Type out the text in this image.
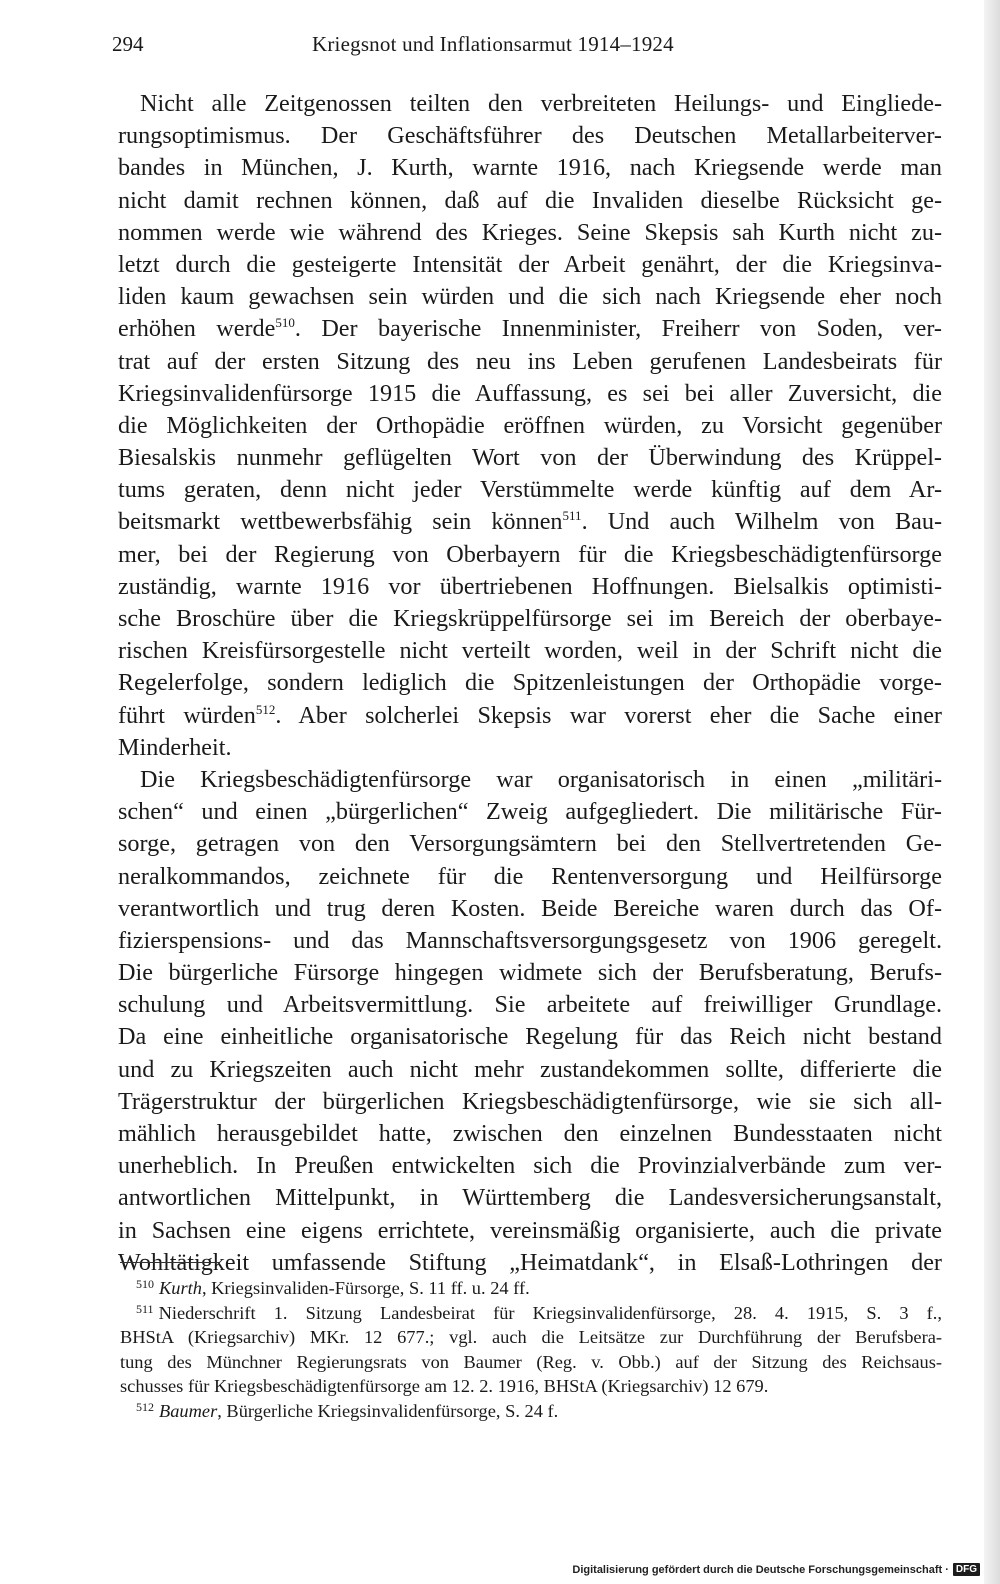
294	Kriegsnot und Inflationsarmut 1914–1924
Nicht alle Zeitgenossen teilten den verbreiteten Heilungs- und Eingliede-
rungsoptimismus. Der Geschäftsführer des Deutschen Metallarbeiterver-
bandes in München, J. Kurth, warnte 1916, nach Kriegsende werde man
nicht damit rechnen können, daß auf die Invaliden dieselbe Rücksicht ge-
nommen werde wie während des Krieges. Seine Skepsis sah Kurth nicht zu-
letzt durch die gesteigerte Intensität der Arbeit genährt, der die Kriegsinva-
liden kaum gewachsen sein würden und die sich nach Kriegsende eher noch
erhöhen werde$^{510}$. Der bayerische Innenminister, Freiherr von Soden, ver-
trat auf der ersten Sitzung des neu ins Leben gerufenen Landesbeirats für
Kriegsinvalidenfürsorge 1915 die Auffassung, es sei bei aller Zuversicht, die
die Möglichkeiten der Orthopädie eröffnen würden, zu Vorsicht gegenüber
Biesalskis nunmehr geflügelten Wort von der Überwindung des Krüppel-
tums geraten, denn nicht jeder Verstümmelte werde künftig auf dem Ar-
beitsmarkt wettbewerbsfähig sein können$^{511}$. Und auch Wilhelm von Bau-
mer, bei der Regierung von Oberbayern für die Kriegsbeschädigtenfürsorge
zuständig, warnte 1916 vor übertriebenen Hoffnungen. Bielsalkis optimisti-
sche Broschüre über die Kriegskrüppelfürsorge sei im Bereich der oberbaye-
rischen Kreisfürsorgestelle nicht verteilt worden, weil in der Schrift nicht die
Regelerfolge, sondern lediglich die Spitzenleistungen der Orthopädie vorge-
führt würden$^{512}$. Aber solcherlei Skepsis war vorerst eher die Sache einer
Minderheit.
Die Kriegsbeschädigtenfürsorge war organisatorisch in einen „militäri-
schen“ und einen „bürgerlichen“ Zweig aufgegliedert. Die militärische Für-
sorge, getragen von den Versorgungsämtern bei den Stellvertretenden Ge-
neralkommandos, zeichnete für die Rentenversorgung und Heilfürsorge
verantwortlich und trug deren Kosten. Beide Bereiche waren durch das Of-
fizierspensions- und das Mannschaftsversorgungsgesetz von 1906 geregelt.
Die bürgerliche Fürsorge hingegen widmete sich der Berufsberatung, Berufs-
schulung und Arbeitsvermittlung. Sie arbeitete auf freiwilliger Grundlage.
Da eine einheitliche organisatorische Regelung für das Reich nicht bestand
und zu Kriegszeiten auch nicht mehr zustandekommen sollte, differierte die
Trägerstruktur der bürgerlichen Kriegsbeschädigtenfürsorge, wie sie sich all-
mählich herausgebildet hatte, zwischen den einzelnen Bundesstaaten nicht
unerheblich. In Preußen entwickelten sich die Provinzialverbände zum ver-
antwortlichen Mittelpunkt, in Württemberg die Landesversicherungsanstalt,
in Sachsen eine eigens errichtete, vereinsmäßig organisierte, auch die private
Wohltätigkeit umfassende Stiftung „Heimatdank“, in Elsaß-Lothringen der
$^{510}$ Kurth, Kriegsinvaliden-Fürsorge, S. 11 ff. u. 24 ff.
$^{511}$ Niederschrift 1. Sitzung Landesbeirat für Kriegsinvalidenfürsorge, 28. 4. 1915, S. 3 f.,
BHStA (Kriegsarchiv) MKr. 12 677.; vgl. auch die Leitsätze zur Durchführung der Berufsbera-
tung des Münchner Regierungsrats von Baumer (Reg. v. Obb.) auf der Sitzung des Reichsaus-
schusses für Kriegsbeschädigtenfürsorge am 12. 2. 1916, BHStA (Kriegsarchiv) 12 679.
$^{512}$ Baumer, Bürgerliche Kriegsinvalidenfürsorge, S. 24 f.
Digitalisierung gefördert durch die Deutsche Forschungsgemeinschaft · DFG
